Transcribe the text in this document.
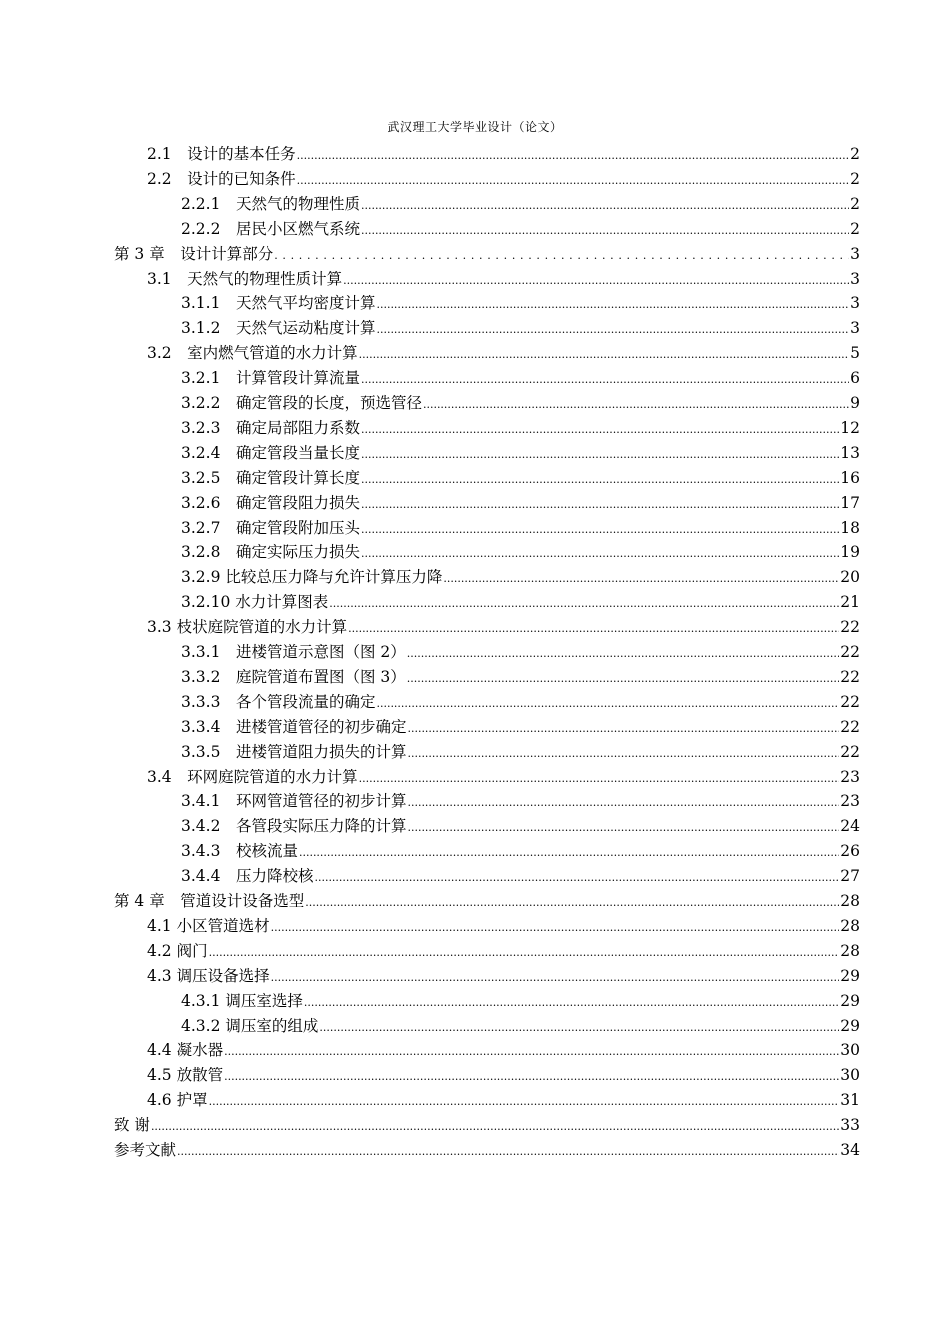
武汉理工大学毕业设计（论文）
2.1　设计的基本任务 .....	2
2.2　设计的已知条件 .....	2
2.2.1　天然气的物理性质 .....	2
2.2.2　居民小区燃气系统 .....	2
第 3 章　设计计算部分 . . .	3
3.1　天然气的物理性质计算 .....	3
3.1.1　天然气平均密度计算 .....	3
3.1.2　天然气运动粘度计算 .....	3
3.2　室内燃气管道的水力计算 .....	5
3.2.1　计算管段计算流量 .....	6
3.2.2　确定管段的长度，预选管径 .....	9
3.2.3　确定局部阻力系数 .....	12
3.2.4　确定管段当量长度 .....	13
3.2.5　确定管段计算长度 .....	16
3.2.6　确定管段阻力损失 .....	17
3.2.7　确定管段附加压头 .....	18
3.2.8　确定实际压力损失 .....	19
3.2.9 比较总压力降与允许计算压力降 .....	20
3.2.10 水力计算图表 .....	21
3.3 枝状庭院管道的水力计算 .....	22
3.3.1　进楼管道示意图（图 2） .....	22
3.3.2　庭院管道布置图（图 3） .....	22
3.3.3　各个管段流量的确定 .....	22
3.3.4　进楼管道管径的初步确定 .....	22
3.3.5　进楼管道阻力损失的计算 .....	22
3.4　环网庭院管道的水力计算 .....	23
3.4.1　环网管道管径的初步计算 .....	23
3.4.2　各管段实际压力降的计算 .....	24
3.4.3　校核流量 .....	26
3.4.4　压力降校核 .....	27
第 4 章　管道设计设备选型 .....	28
4.1 小区管道选材 .....	28
4.2 阀门 .....	28
4.3 调压设备选择 .....	29
4.3.1 调压室选择 .....	29
4.3.2 调压室的组成 .....	29
4.4 凝水器 .....	30
4.5 放散管 .....	30
4.6 护罩 .....	31
致 谢 .....	33
参考文献 .....	34
